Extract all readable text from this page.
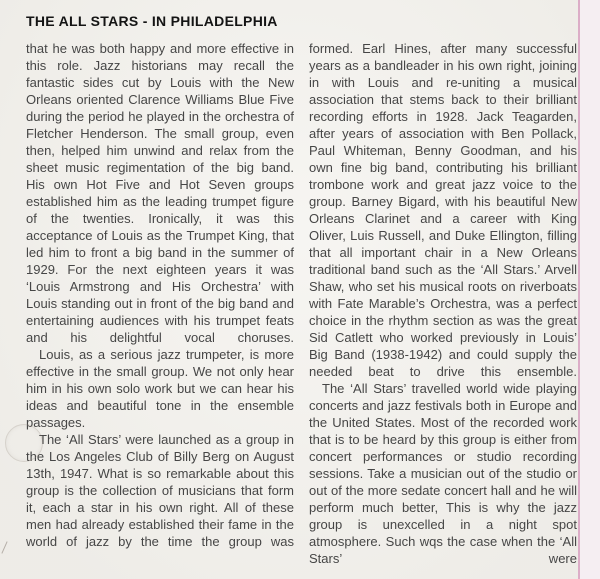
THE ALL STARS - IN PHILADELPHIA

that he was both happy and more effective in this role. Jazz historians may recall the fantastic sides cut by Louis with the New Orleans oriented Clarence Williams Blue Five during the period he played in the orchestra of Fletcher Henderson. The small group, even then, helped him unwind and relax from the sheet music regimentation of the big band. His own Hot Five and Hot Seven groups established him as the leading trumpet figure of the twenties. Ironically, it was this acceptance of Louis as the Trumpet King, that led him to front a big band in the summer of 1929. For the next eighteen years it was ‘Louis Armstrong and His Orchestra’ with Louis standing out in front of the big band and entertaining audiences with his trumpet feats and his delightful vocal choruses.

Louis, as a serious jazz trumpeter, is more effective in the small group. We not only hear him in his own solo work but we can hear his ideas and beautiful tone in the ensemble passages.

The ‘All Stars’ were launched as a group in the Los Angeles Club of Billy Berg on August 13th, 1947. What is so remarkable about this group is the collection of musicians that form it, each a star in his own right. All of these men had already established their fame in the world of jazz by the time the group was

formed. Earl Hines, after many successful years as a bandleader in his own right, joining in with Louis and re-uniting a musical association that stems back to their brilliant recording efforts in 1928. Jack Teagarden, after years of association with Ben Pollack, Paul Whiteman, Benny Goodman, and his own fine big band, contributing his brilliant trombone work and great jazz voice to the group. Barney Bigard, with his beautiful New Orleans Clarinet and a career with King Oliver, Luis Russell, and Duke Ellington, filling that all important chair in a New Orleans traditional band such as the ‘All Stars.’ Arvell Shaw, who set his musical roots on riverboats with Fate Marable’s Orchestra, was a perfect choice in the rhythm section as was the great Sid Catlett who worked previously in Louis’ Big Band (1938-1942) and could supply the needed beat to drive this ensemble.

The ‘All Stars’ travelled world wide playing concerts and jazz festivals both in Europe and the United States. Most of the recorded work that is to be heard by this group is either from concert performances or studio recording sessions. Take a musician out of the studio or out of the more sedate concert hall and he will perform much better, This is why the jazz group is unexcelled in a night spot atmosphere. Such wqs the case when the ‘All Stars’ were
